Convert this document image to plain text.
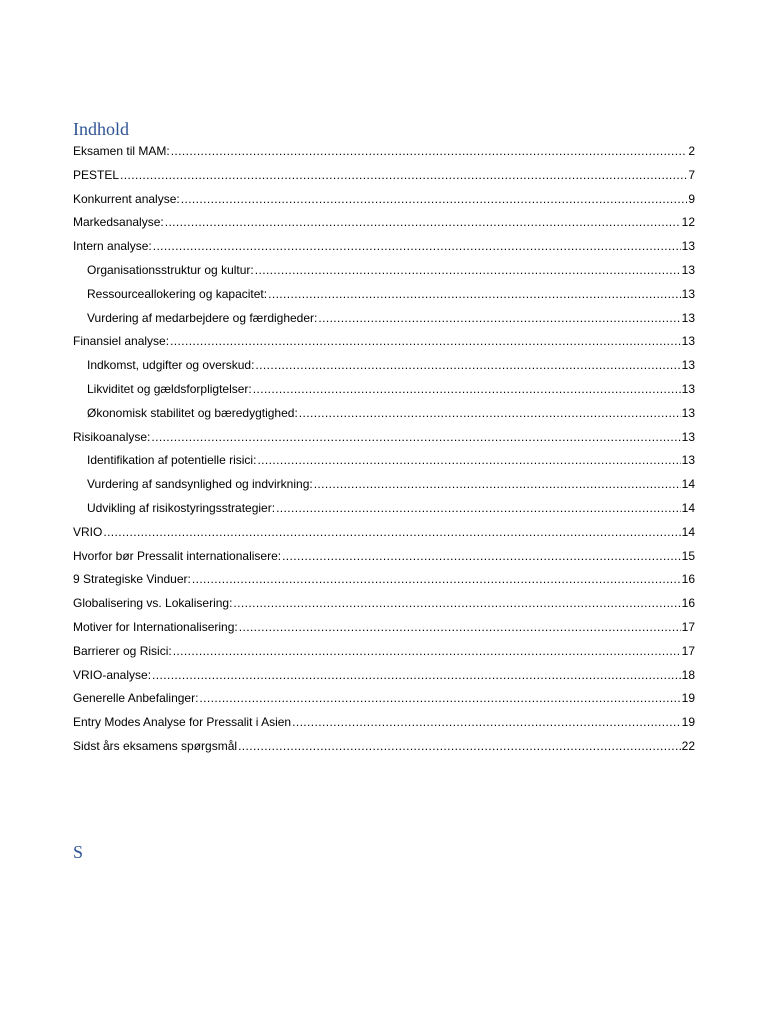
Indhold
Eksamen til MAM: .....	2
PESTEL .....	7
Konkurrent analyse: .....	9
Markedsanalyse: .....	12
Intern analyse: .....	13
Organisationsstruktur og kultur: .....	13
Ressourceallokering og kapacitet: .....	13
Vurdering af medarbejdere og færdigheder: .....	13
Finansiel analyse: .....	13
Indkomst, udgifter og overskud: .....	13
Likviditet og gældsforpligtelser: .....	13
Økonomisk stabilitet og bæredygtighed: .....	13
Risikoanalyse: .....	13
Identifikation af potentielle risici: .....	13
Vurdering af sandsynlighed og indvirkning: .....	14
Udvikling af risikostyringsstrategier: .....	14
VRIO .....	14
Hvorfor bør Pressalit internationalisere: .....	15
9 Strategiske Vinduer: .....	16
Globalisering vs. Lokalisering: .....	16
Motiver for Internationalisering: .....	17
Barrierer og Risici: .....	17
VRIO-analyse: .....	18
Generelle Anbefalinger: .....	19
Entry Modes Analyse for Pressalit i Asien .....	19
Sidst års eksamens spørgsmål .....	22
S
